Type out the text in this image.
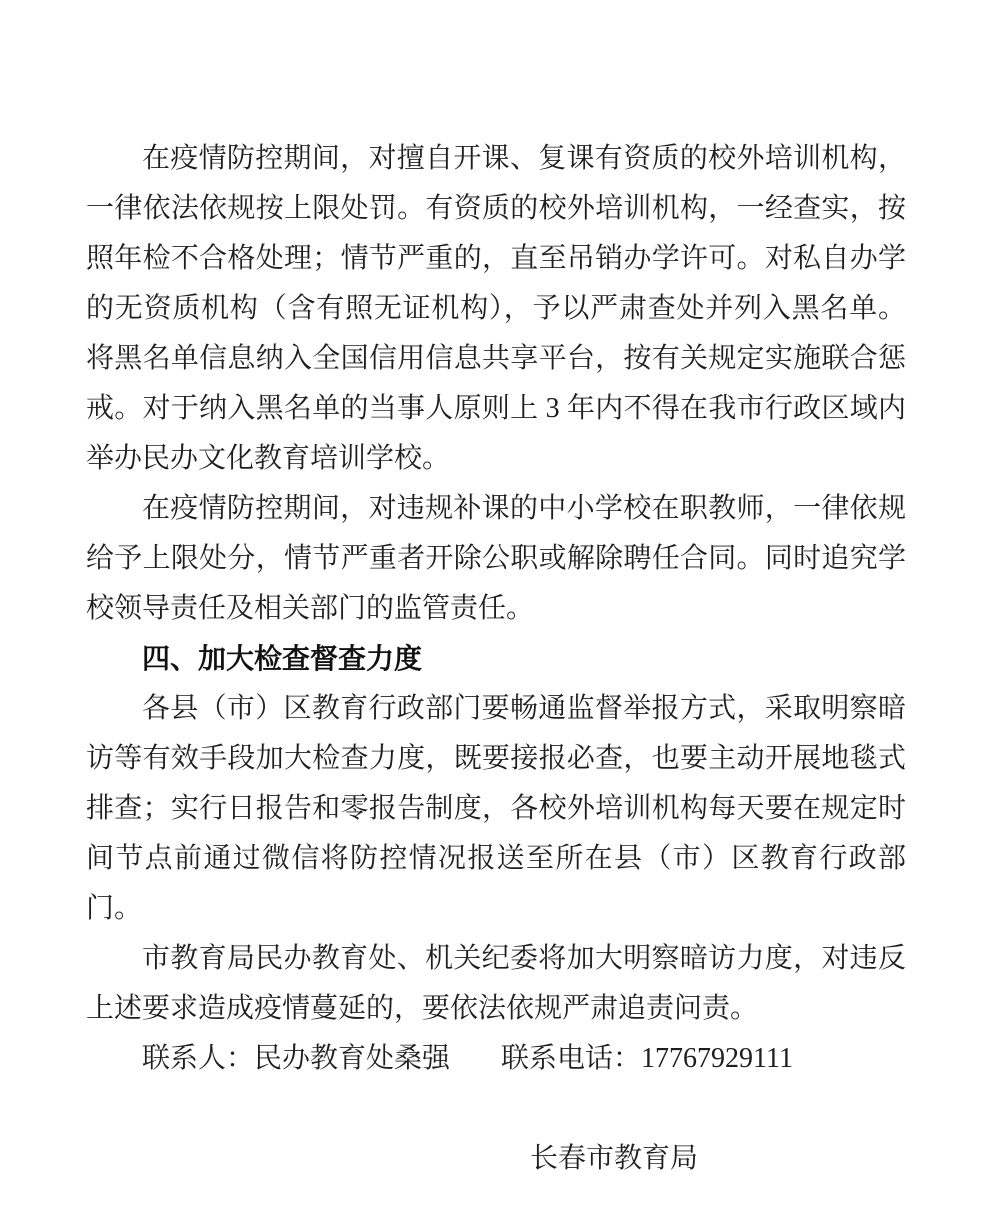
在疫情防控期间，对擅自开课、复课有资质的校外培训机构，一律依法依规按上限处罚。有资质的校外培训机构，一经查实，按照年检不合格处理；情节严重的，直至吊销办学许可。对私自办学的无资质机构（含有照无证机构），予以严肃查处并列入黑名单。将黑名单信息纳入全国信用信息共享平台，按有关规定实施联合惩戒。对于纳入黑名单的当事人原则上 3 年内不得在我市行政区域内举办民办文化教育培训学校。

在疫情防控期间，对违规补课的中小学校在职教师，一律依规给予上限处分，情节严重者开除公职或解除聘任合同。同时追究学校领导责任及相关部门的监管责任。

四、加大检查督查力度

各县（市）区教育行政部门要畅通监督举报方式，采取明察暗访等有效手段加大检查力度，既要接报必查，也要主动开展地毯式排查；实行日报告和零报告制度，各校外培训机构每天要在规定时间节点前通过微信将防控情况报送至所在县（市）区教育行政部门。

市教育局民办教育处、机关纪委将加大明察暗访力度，对违反上述要求造成疫情蔓延的，要依法依规严肃追责问责。

联系人：民办教育处桑强 联系电话：17767929111

长春市教育局
